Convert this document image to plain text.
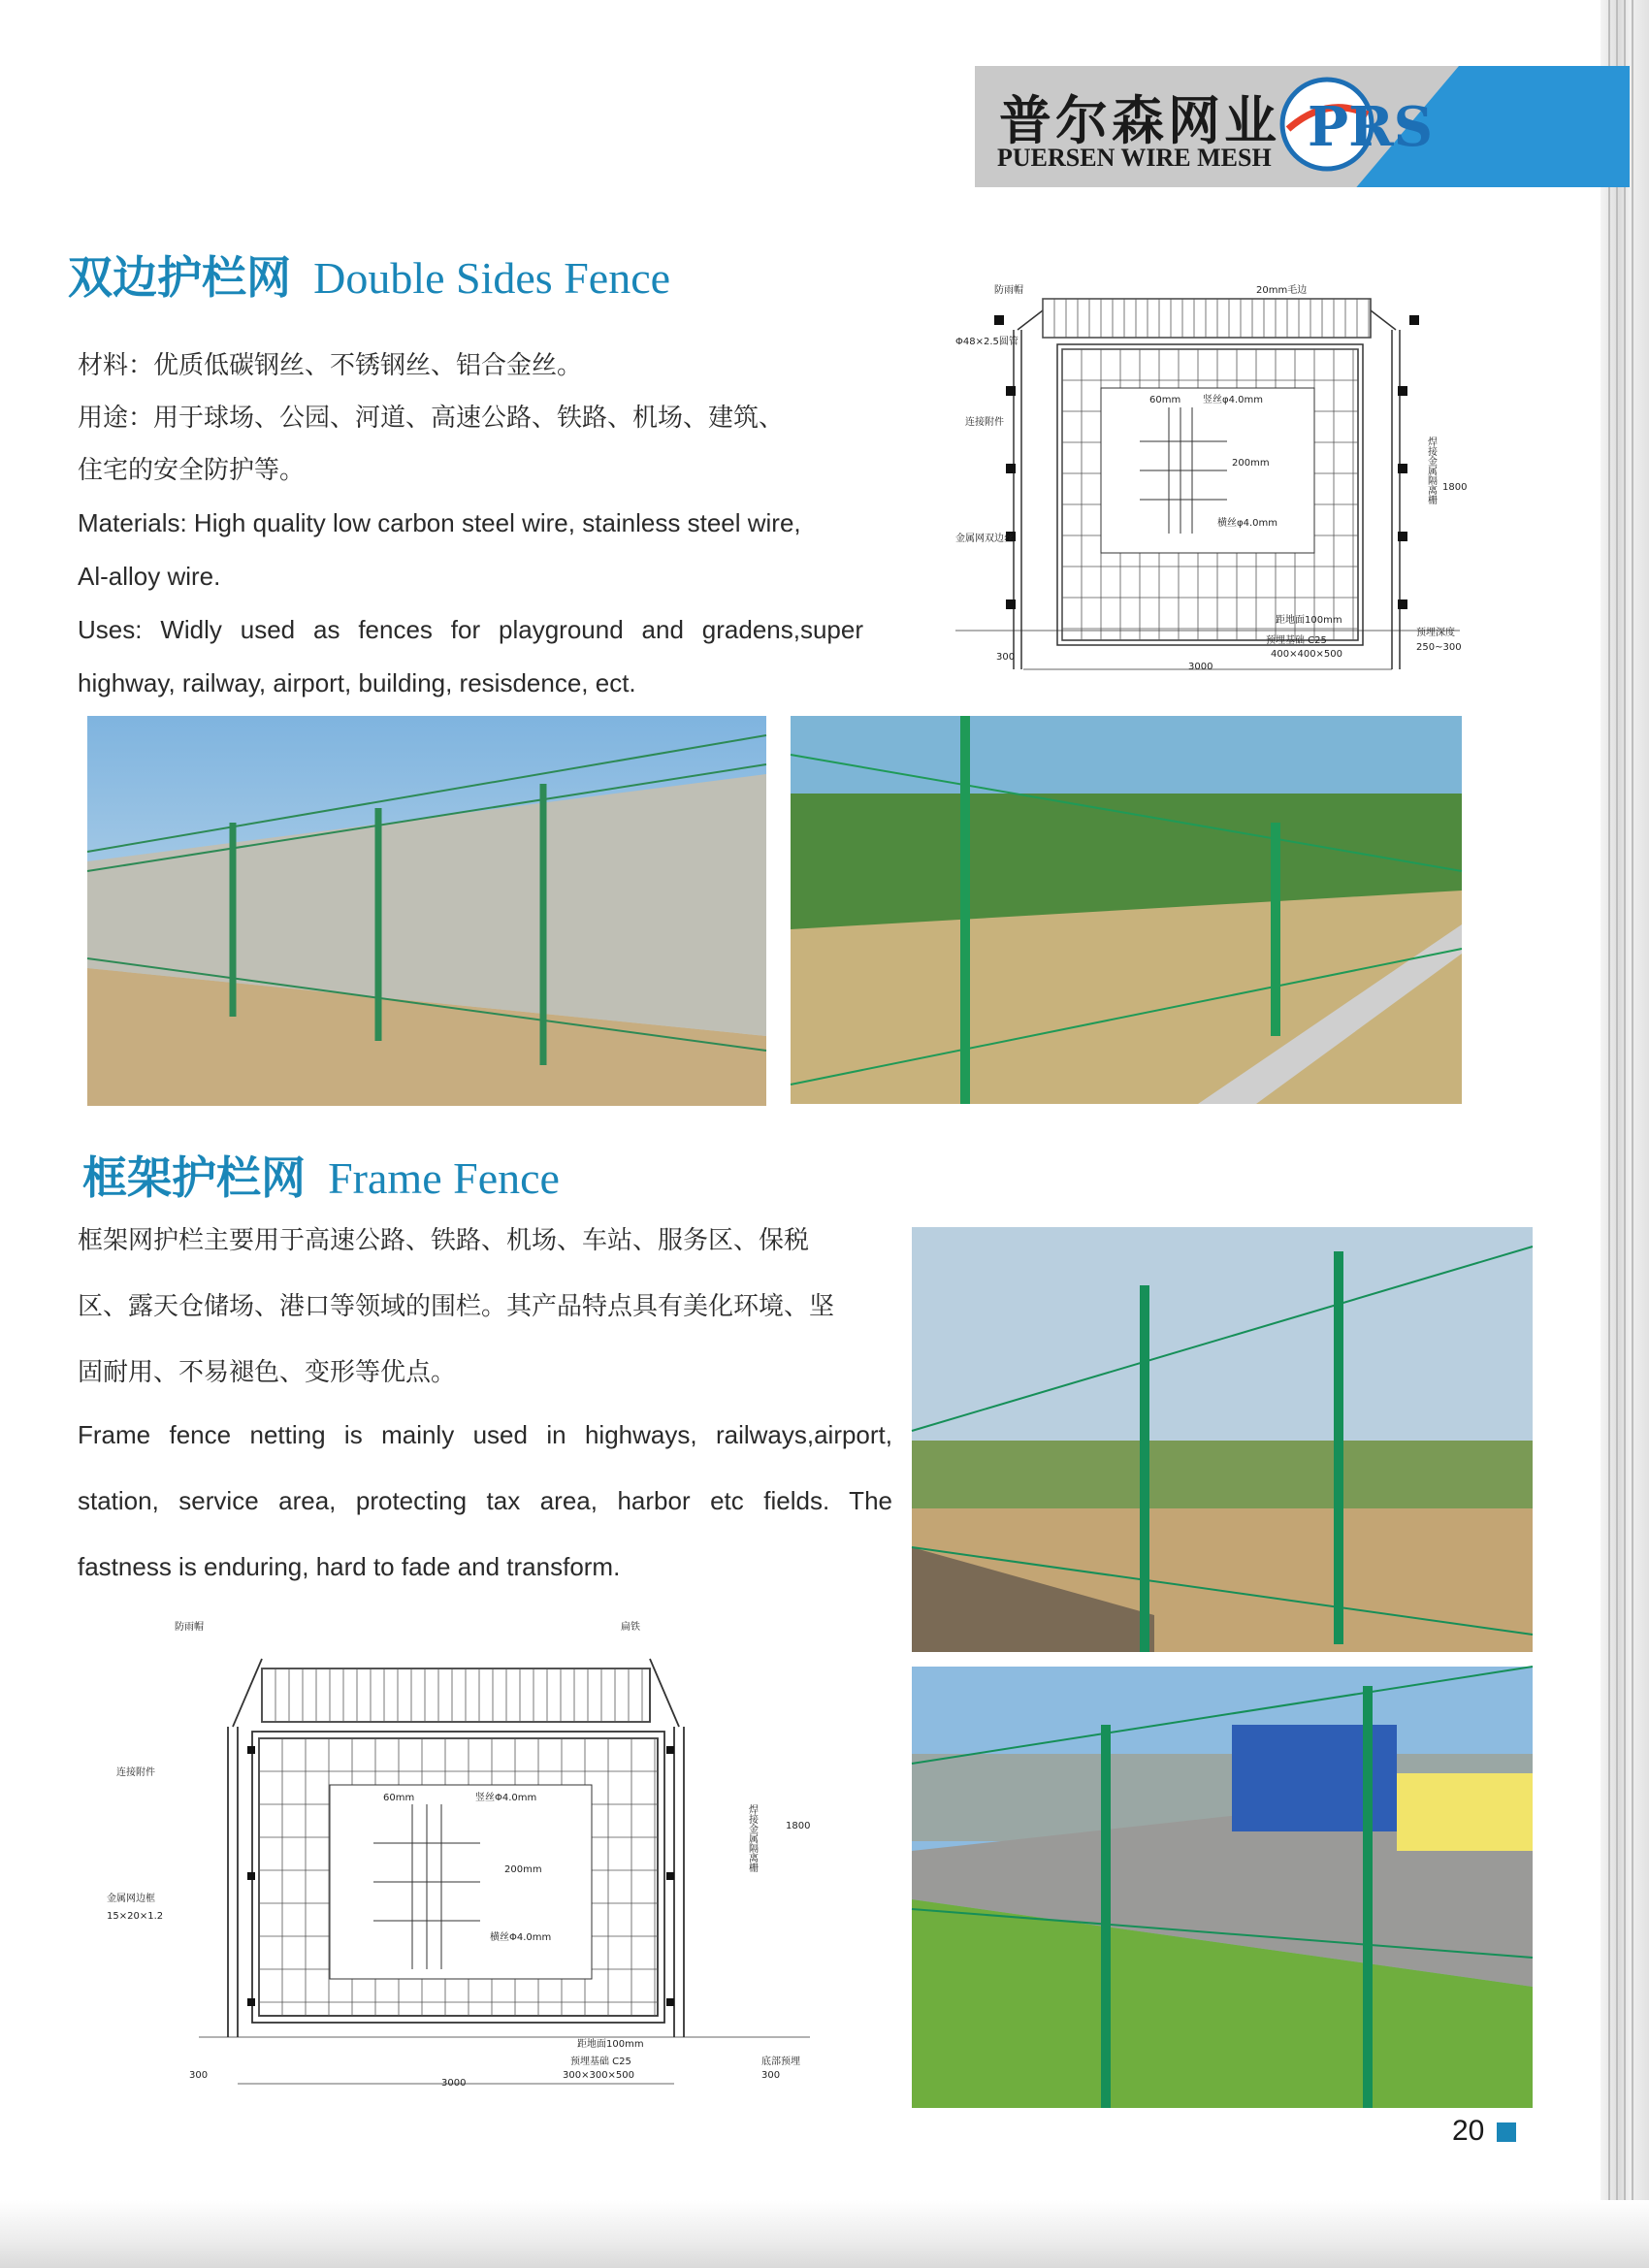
普尔森网业
PUERSEN WIRE MESH PRS
双边护栏网 Double Sides Fence
材料：优质低碳钢丝、不锈钢丝、铝合金丝。
用途：用于球场、公园、河道、高速公路、铁路、机场、建筑、
住宅的安全防护等。
Materials: High quality low carbon steel wire, stainless steel wire,
Al-alloy wire.
Uses: Widly used as fences for playground and gradens,super
highway, railway, airport, building, resisdence, ect.
防雨帽	20mm毛边
Φ48×2.5圆管
连接附件
金属网双边丝
60mm 竖丝φ4.0mm
200mm
横丝φ4.0mm
焊接金属隔离栅 1800
距地面100mm
预埋基础 C25
400×400×500
预埋深度
250~300
3000
300
框架护栏网 Frame Fence
框架网护栏主要用于高速公路、铁路、机场、车站、服务区、保税
区、露天仓储场、港口等领域的围栏。其产品特点具有美化环境、坚
固耐用、不易褪色、变形等优点。
Frame fence netting is mainly used in highways, railways,airport,
station, service area, protecting tax area, harbor etc fields. The
fastness is enduring, hard to fade and transform.
防雨帽	扁铁
连接附件
金属网边框
15×20×1.2
60mm	竖丝Φ4.0mm
200mm
横丝Φ4.0mm
焊接金属隔离栅	1800
距地面100mm
预埋基础 C25
300×300×500
底部预埋
300
3000
300
20
